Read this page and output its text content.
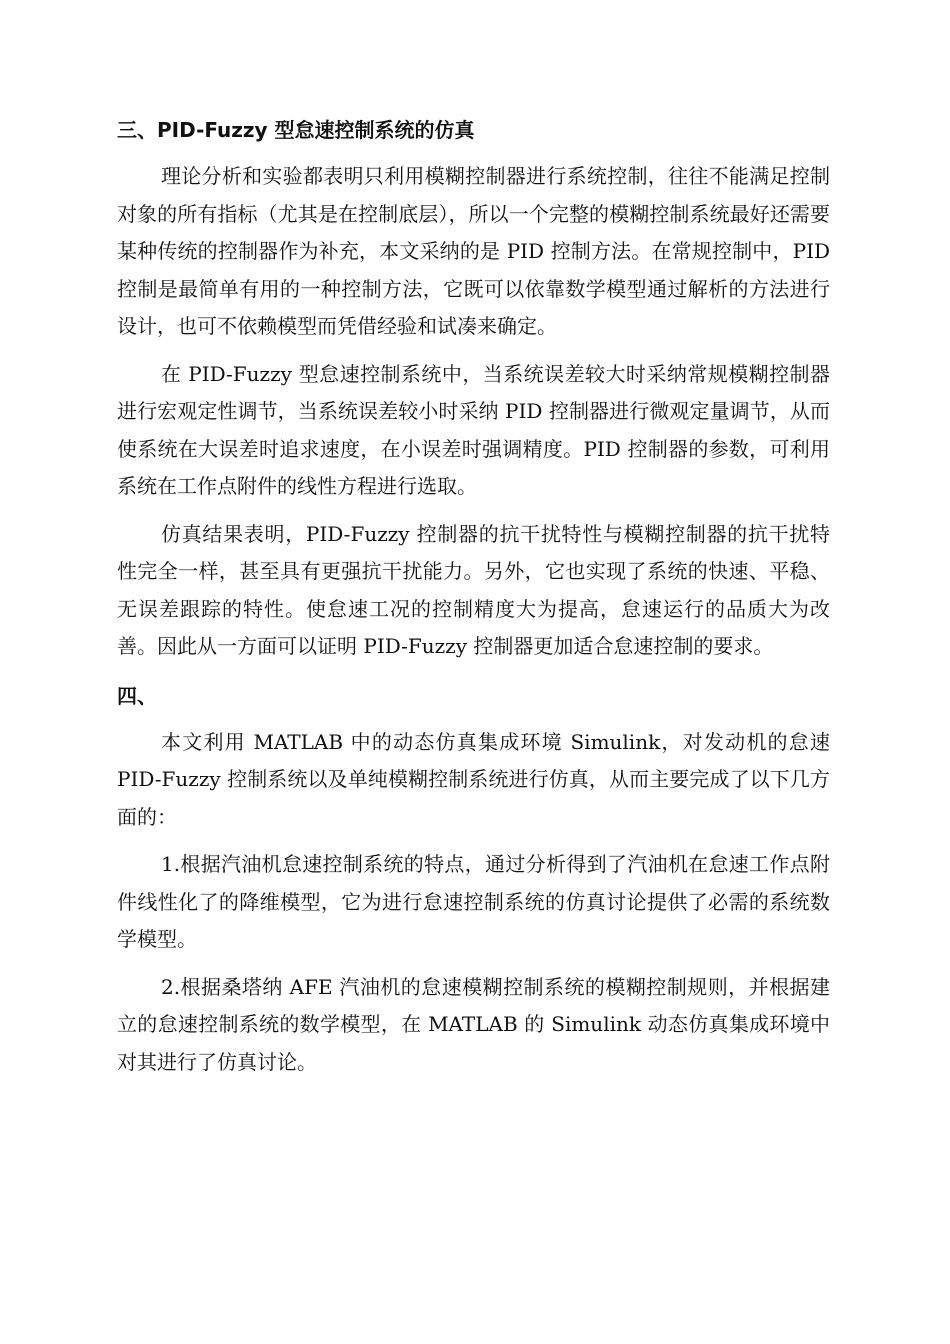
三、PID-Fuzzy 型怠速控制系统的仿真

理论分析和实验都表明只利用模糊控制器进行系统控制，往往不能满足控制对象的所有指标（尤其是在控制底层），所以一个完整的模糊控制系统最好还需要某种传统的控制器作为补充，本文采纳的是 PID 控制方法。在常规控制中，PID 控制是最简单有用的一种控制方法，它既可以依靠数学模型通过解析的方法进行设计，也可不依赖模型而凭借经验和试凑来确定。

在 PID-Fuzzy 型怠速控制系统中，当系统误差较大时采纳常规模糊控制器进行宏观定性调节，当系统误差较小时采纳 PID 控制器进行微观定量调节，从而使系统在大误差时追求速度，在小误差时强调精度。PID 控制器的参数，可利用系统在工作点附件的线性方程进行选取。

仿真结果表明，PID-Fuzzy 控制器的抗干扰特性与模糊控制器的抗干扰特性完全一样，甚至具有更强抗干扰能力。另外，它也实现了系统的快速、平稳、无误差跟踪的特性。使怠速工况的控制精度大为提高，怠速运行的品质大为改善。因此从一方面可以证明 PID-Fuzzy 控制器更加适合怠速控制的要求。

四、

本文利用 MATLAB 中的动态仿真集成环境 Simulink，对发动机的怠速 PID-Fuzzy 控制系统以及单纯模糊控制系统进行仿真，从而主要完成了以下几方面的：

1.根据汽油机怠速控制系统的特点，通过分析得到了汽油机在怠速工作点附件线性化了的降维模型，它为进行怠速控制系统的仿真讨论提供了必需的系统数学模型。

2.根据桑塔纳 AFE 汽油机的怠速模糊控制系统的模糊控制规则，并根据建立的怠速控制系统的数学模型，在 MATLAB 的 Simulink 动态仿真集成环境中对其进行了仿真讨论。
